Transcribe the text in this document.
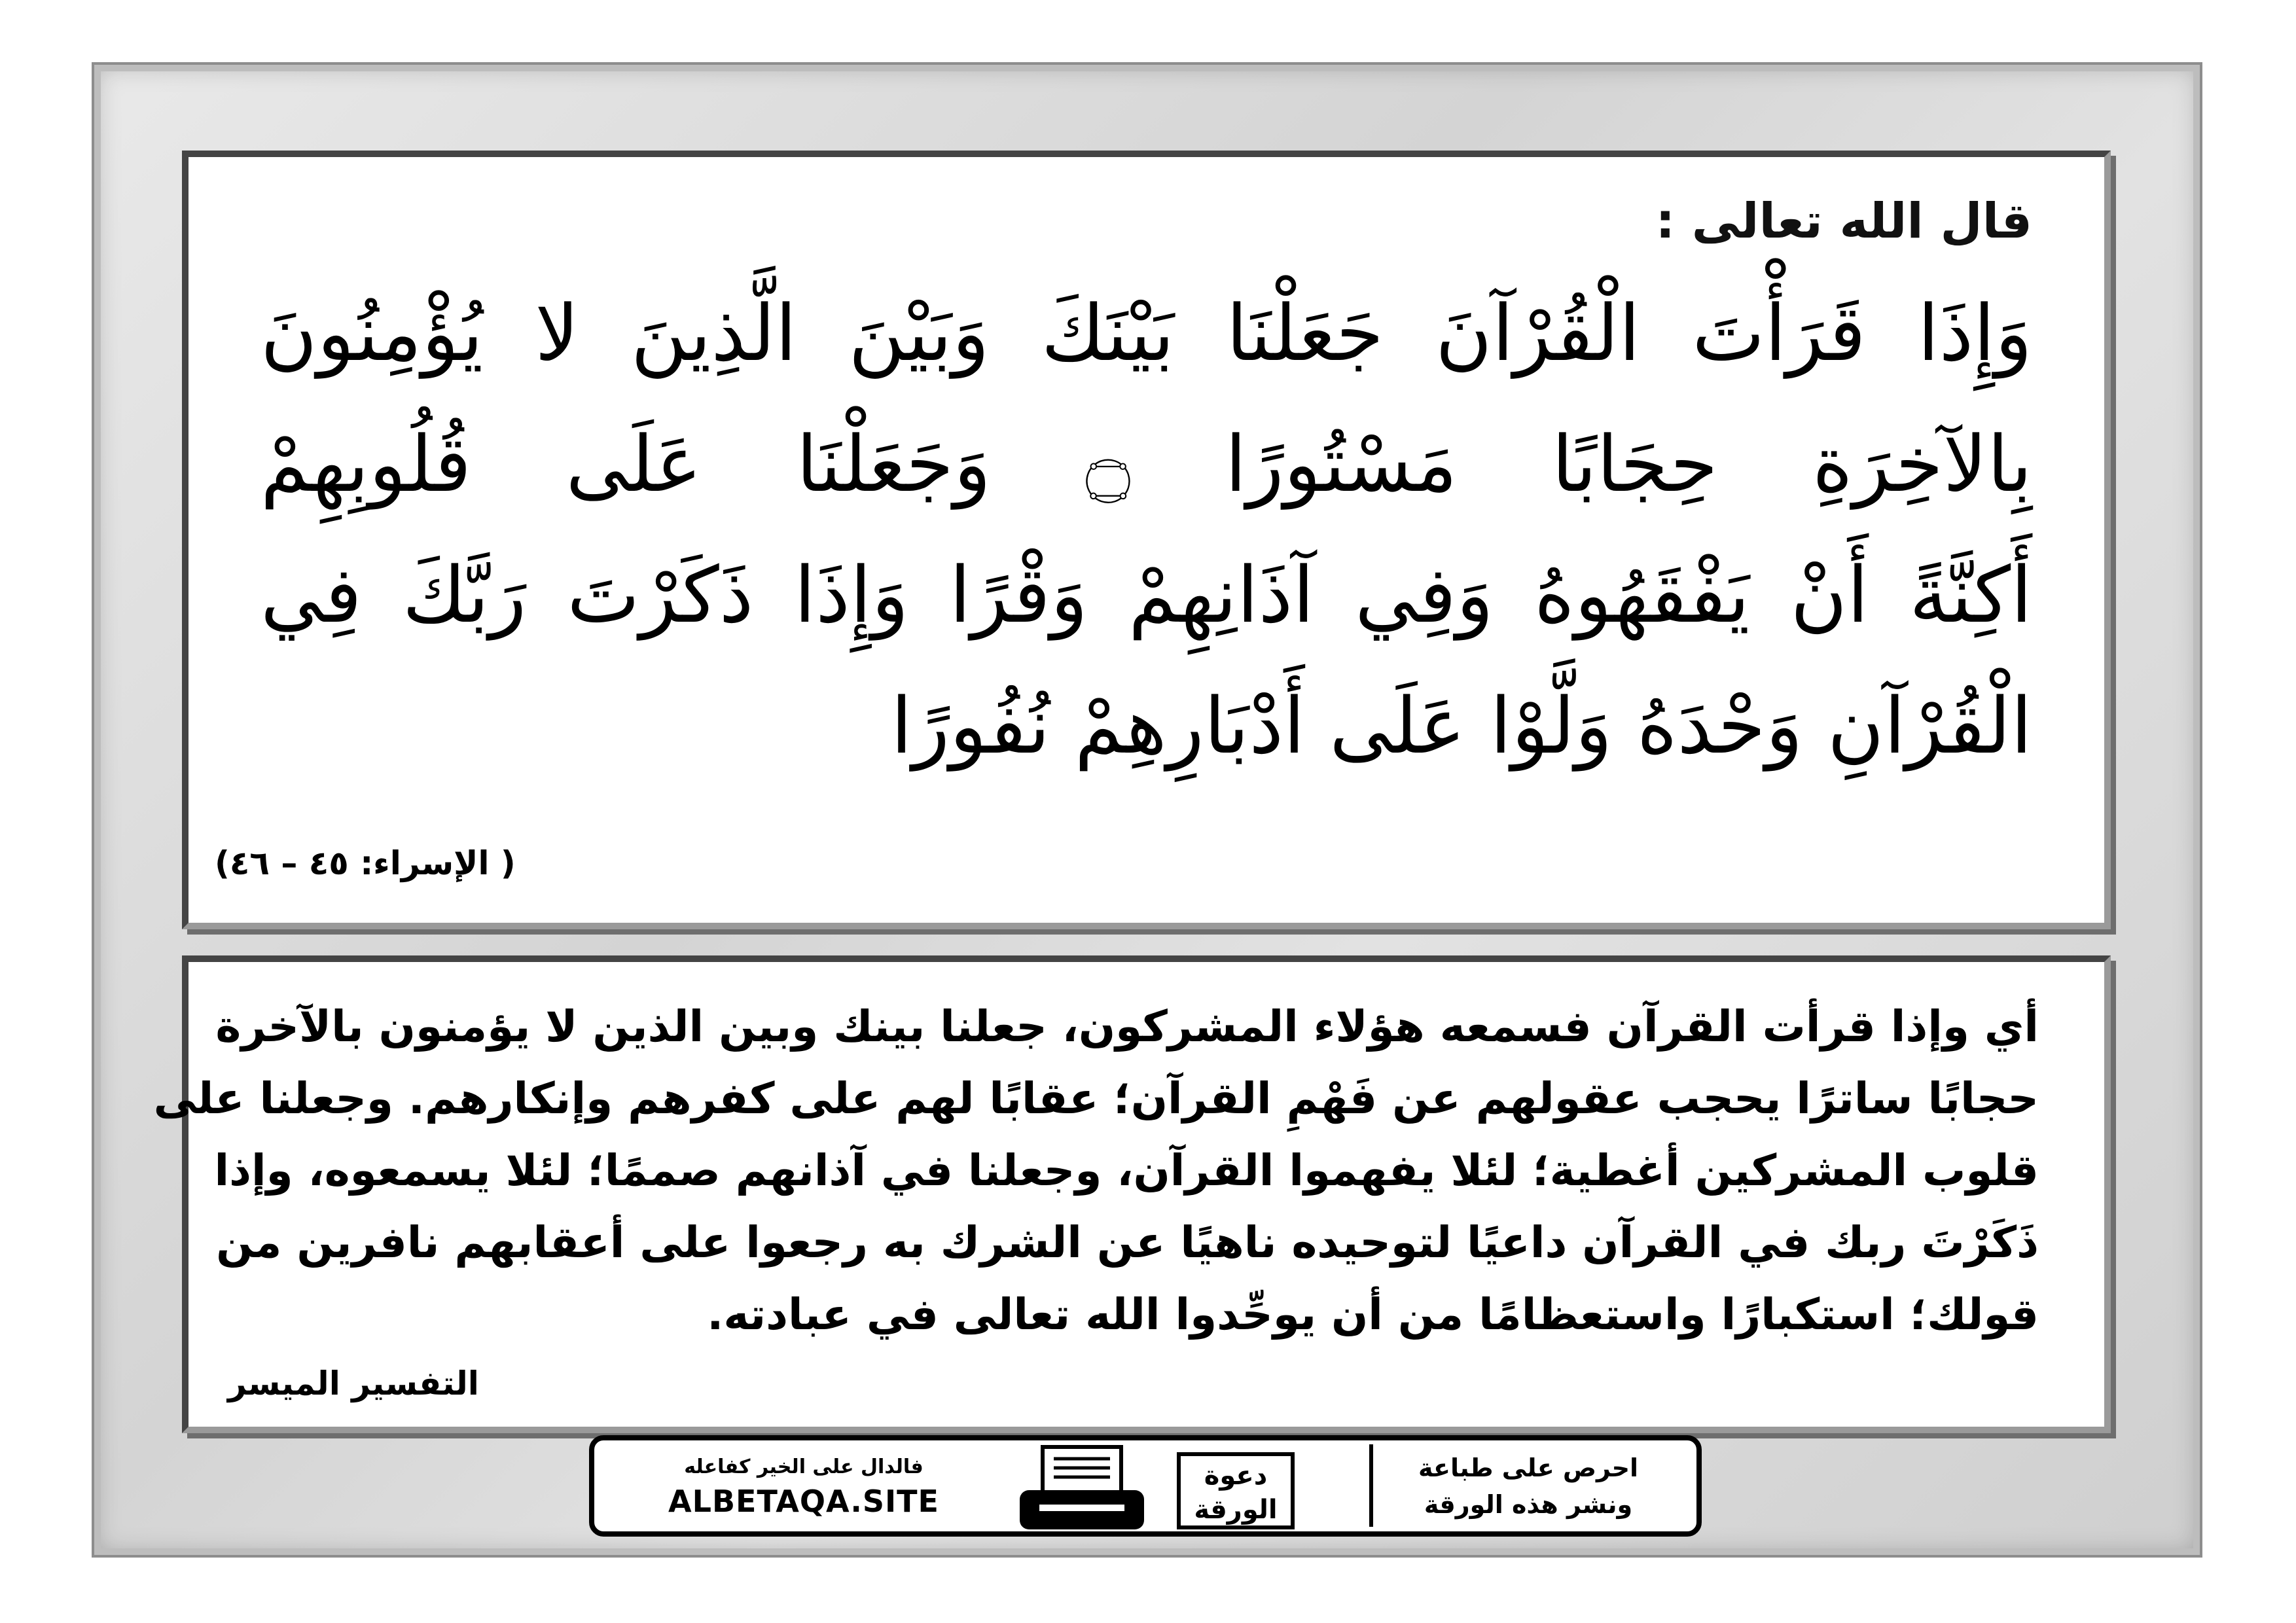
قال الله تعالى :
وَإِذَا قَرَأْتَ الْقُرْآنَ جَعَلْنَا بَيْنَكَ وَبَيْنَ الَّذِينَ لا يُؤْمِنُونَ
بِالآخِرَةِ حِجَابًا مَسْتُورًا ۝ وَجَعَلْنَا عَلَى قُلُوبِهِمْ
أَكِنَّةً أَنْ يَفْقَهُوهُ وَفِي آذَانِهِمْ وَقْرًا وَإِذَا ذَكَرْتَ رَبَّكَ فِي
الْقُرْآنِ وَحْدَهُ وَلَّوْا عَلَى أَدْبَارِهِمْ نُفُورًا
( الإسراء: ٤٥ – ٤٦)
أي وإذا قرأت القرآن فسمعه هؤلاء المشركون، جعلنا بينك وبين الذين لا يؤمنون بالآخرة
حجابًا ساترًا يحجب عقولهم عن فَهْمِ القرآن؛ عقابًا لهم على كفرهم وإنكارهم. وجعلنا على
قلوب المشركين أغطية؛ لئلا يفهموا القرآن، وجعلنا في آذانهم صممًا؛ لئلا يسمعوه، وإذا
ذَكَرْتَ ربك في القرآن داعيًا لتوحيده ناهيًا عن الشرك به رجعوا على أعقابهم نافرين من
قولك؛ استكبارًا واستعظامًا من أن يوحِّدوا الله تعالى في عبادته.
التفسير الميسر
احرص على طباعة
ونشر هذه الورقة
دعوة
الورقة
فالدال على الخير كفاعله
ALBETAQA.SITE
